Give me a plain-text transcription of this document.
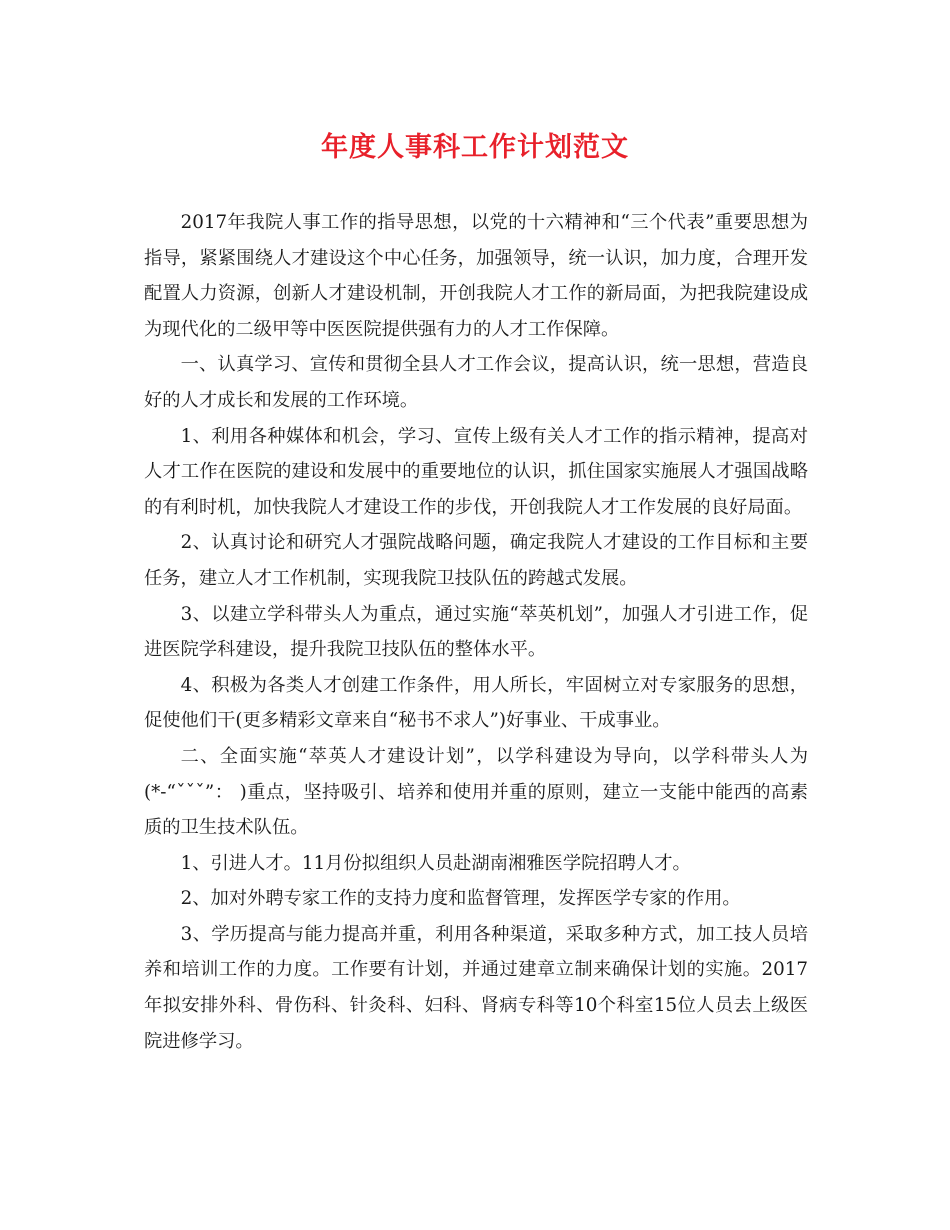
年度人事科工作计划范文

2017年我院人事工作的指导思想，以党的十六精神和“三个代表”重要思想为指导，紧紧围绕人才建设这个中心任务，加强领导，统一认识，加力度，合理开发配置人力资源，创新人才建设机制，开创我院人才工作的新局面，为把我院建设成为现代化的二级甲等中医医院提供强有力的人才工作保障。

一、认真学习、宣传和贯彻全县人才工作会议，提高认识，统一思想，营造良好的人才成长和发展的工作环境。

1、利用各种媒体和机会，学习、宣传上级有关人才工作的指示精神，提高对人才工作在医院的建设和发展中的重要地位的认识，抓住国家实施展人才强国战略的有利时机，加快我院人才建设工作的步伐，开创我院人才工作发展的良好局面。

2、认真讨论和研究人才强院战略问题，确定我院人才建设的工作目标和主要任务，建立人才工作机制，实现我院卫技队伍的跨越式发展。

3、以建立学科带头人为重点，通过实施“萃英机划”，加强人才引进工作，促进医院学科建设，提升我院卫技队伍的整体水平。

4、积极为各类人才创建工作条件，用人所长，牢固树立对专家服务的思想，促使他们干(更多精彩文章来自“秘书不求人”)好事业、干成事业。

二、全面实施“萃英人才建设计划”，以学科建设为导向，以学科带头人为(*-“ˇˇˇ”： )重点，坚持吸引、培养和使用并重的原则，建立一支能中能西的高素质的卫生技术队伍。

1、引进人才。11月份拟组织人员赴湖南湘雅医学院招聘人才。

2、加对外聘专家工作的支持力度和监督管理，发挥医学专家的作用。

3、学历提高与能力提高并重，利用各种渠道，采取多种方式，加工技人员培养和培训工作的力度。工作要有计划，并通过建章立制来确保计划的实施。2017年拟安排外科、骨伤科、针灸科、妇科、肾病专科等10个科室15位人员去上级医院进修学习。
